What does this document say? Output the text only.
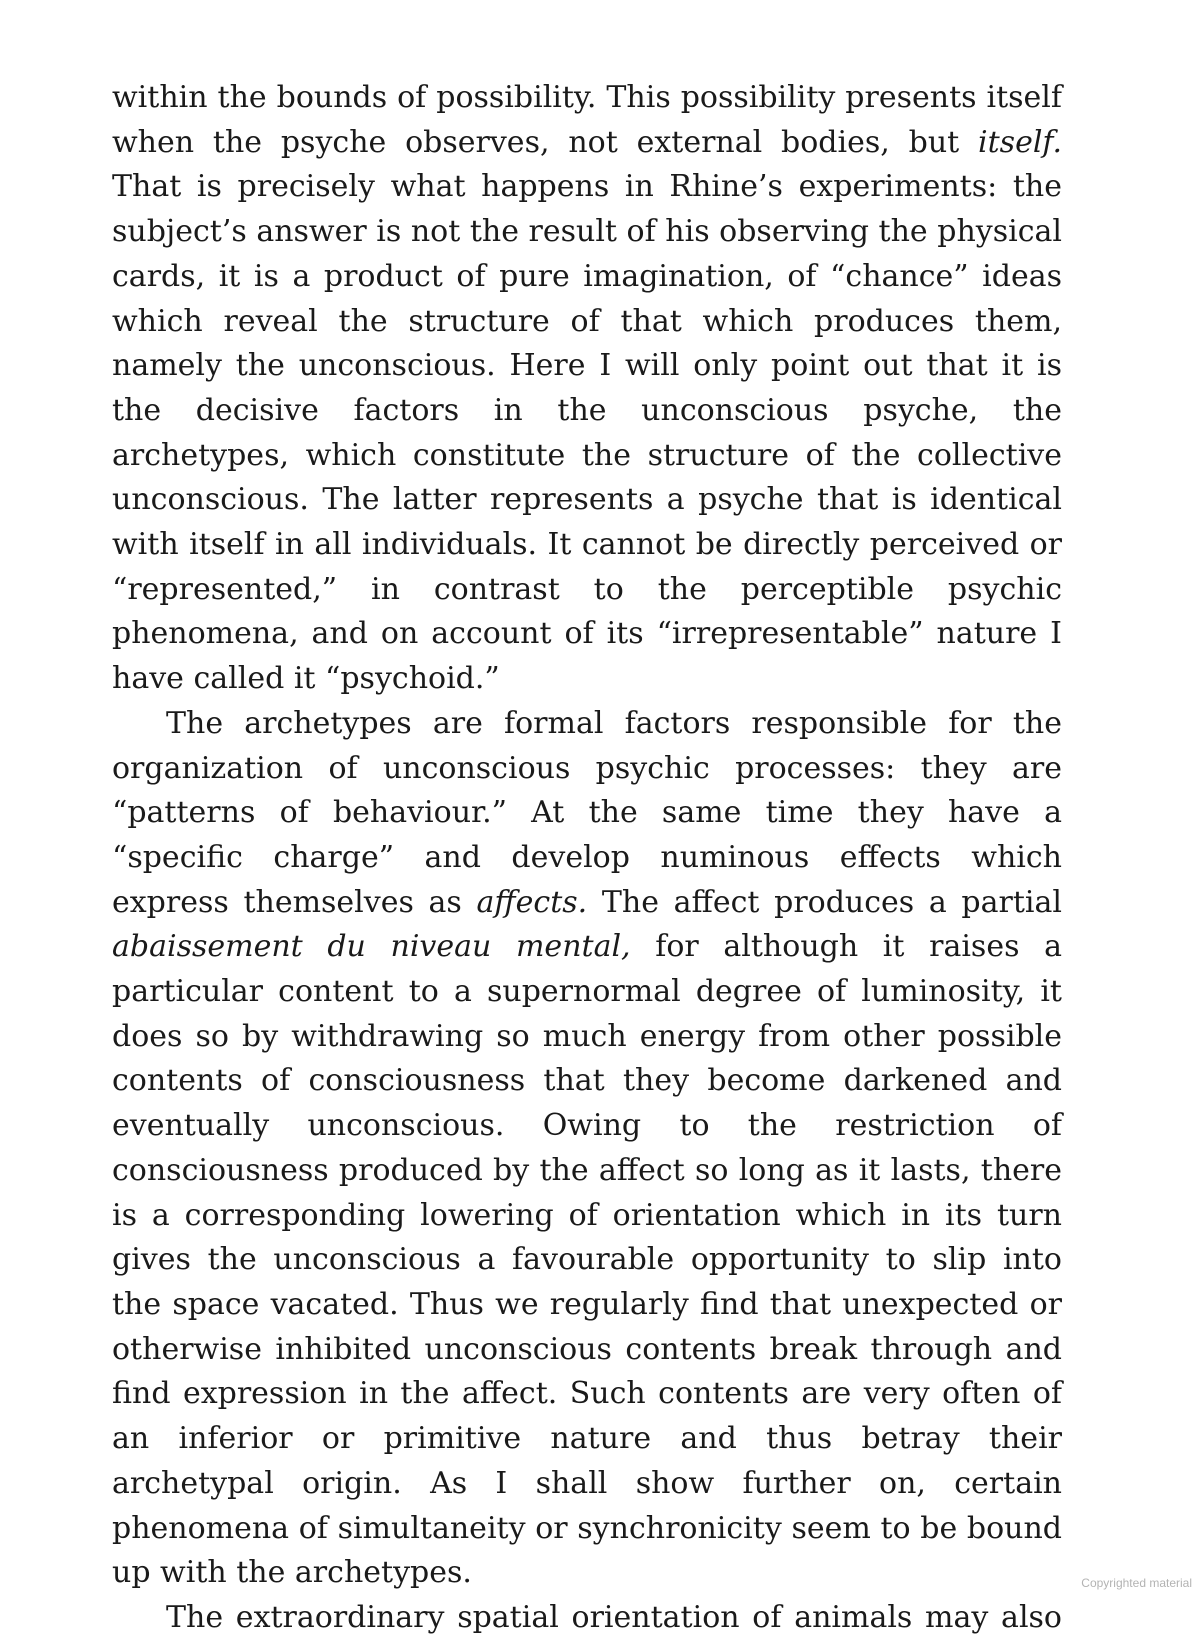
within the bounds of possibility. This possibility presents itself when the psyche observes, not external bodies, but itself. That is precisely what happens in Rhine’s experiments: the subject’s answer is not the result of his observing the physical cards, it is a product of pure imagination, of “chance” ideas which reveal the structure of that which produces them, namely the unconscious. Here I will only point out that it is the decisive factors in the unconscious psyche, the archetypes, which constitute the structure of the collective unconscious. The latter represents a psyche that is identical with itself in all individuals. It cannot be directly perceived or “represented,” in contrast to the perceptible psychic phenomena, and on account of its “irrepresentable” nature I have called it “psychoid.”

The archetypes are formal factors responsible for the organization of unconscious psychic processes: they are “patterns of behaviour.” At the same time they have a “specific charge” and develop numinous effects which express themselves as affects. The affect produces a partial abaissement du niveau mental, for although it raises a particular content to a supernormal degree of luminosity, it does so by withdrawing so much energy from other possible contents of consciousness that they become darkened and eventually unconscious. Owing to the restriction of consciousness produced by the affect so long as it lasts, there is a corresponding lowering of orientation which in its turn gives the unconscious a favourable opportunity to slip into the space vacated. Thus we regularly find that unexpected or otherwise inhibited unconscious contents break through and find expression in the affect. Such contents are very often of an inferior or primitive nature and thus betray their archetypal origin. As I shall show further on, certain phenomena of simultaneity or synchronicity seem to be bound up with the archetypes.

The extraordinary spatial orientation of animals may also

Copyrighted material
